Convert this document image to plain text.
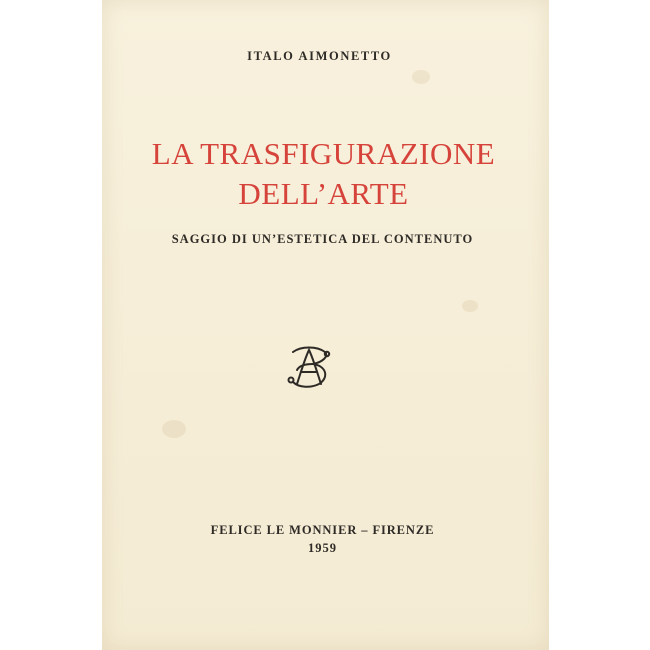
ITALO AIMONETTO
LA TRASFIGURAZIONE
DELL’ARTE
SAGGIO DI UN’ESTETICA DEL CONTENUTO
FELICE LE MONNIER – FIRENZE
1959
